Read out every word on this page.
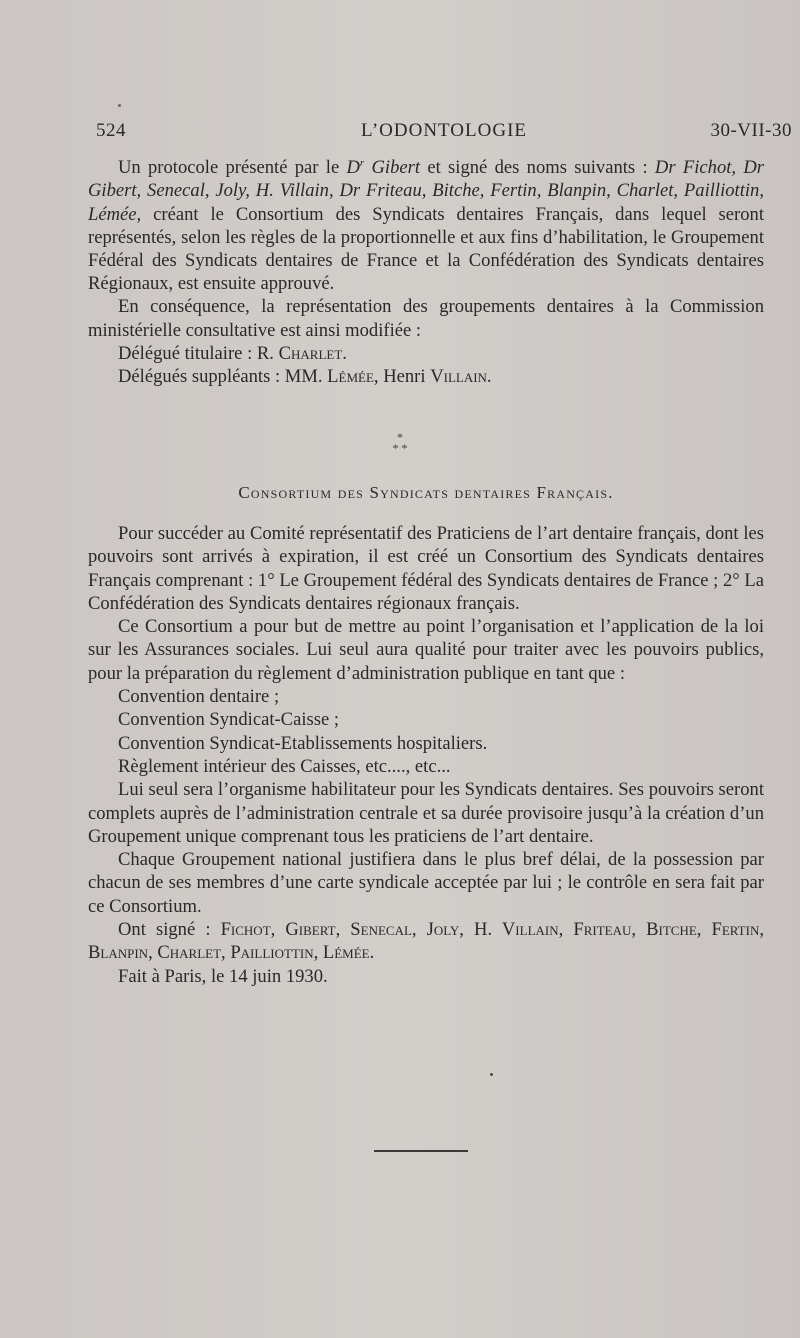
524	L’ODONTOLOGIE	30-VII-30

Un protocole présenté par le $D^r$ Gibert et signé des noms suivants : Dr Fichot, Dr Gibert, Senecal, Joly, H. Villain, Dr Friteau, Bitche, Fertin, Blanpin, Charlet, Pailliottin, Lémée, créant le Consortium des Syndicats dentaires Français, dans lequel seront représentés, selon les règles de la proportionnelle et aux fins d’habilitation, le Groupement Fédéral des Syndicats dentaires de France et la Confédération des Syndicats dentaires Régionaux, est ensuite approuvé.

En conséquence, la représentation des groupements dentaires à la Commission ministérielle consultative est ainsi modifiée :

Délégué titulaire : R. Charlet.

Délégués suppléants : MM. Lémée, Henri Villain.

*
* *
Consortium des Syndicats dentaires Français.

Pour succéder au Comité représentatif des Praticiens de l’art dentaire français, dont les pouvoirs sont arrivés à expiration, il est créé un Consortium des Syndicats dentaires Français comprenant : 1° Le Groupement fédéral des Syndicats dentaires de France ; 2° La Confédération des Syndicats dentaires régionaux français.

Ce Consortium a pour but de mettre au point l’organisation et l’application de la loi sur les Assurances sociales. Lui seul aura qualité pour traiter avec les pouvoirs publics, pour la préparation du règlement d’administration publique en tant que :

Convention dentaire ;

Convention Syndicat-Caisse ;

Convention Syndicat-Etablissements hospitaliers.

Règlement intérieur des Caisses, etc...., etc...

Lui seul sera l’organisme habilitateur pour les Syndicats dentaires. Ses pouvoirs seront complets auprès de l’administration centrale et sa durée provisoire jusqu’à la création d’un Groupement unique comprenant tous les praticiens de l’art dentaire.

Chaque Groupement national justifiera dans le plus bref délai, de la possession par chacun de ses membres d’une carte syndicale acceptée par lui ; le contrôle en sera fait par ce Consortium.

Ont signé : Fichot, Gibert, Senecal, Joly, H. Villain, Friteau, Bitche, Fertin, Blanpin, Charlet, Pailliottin, Lémée.

Fait à Paris, le 14 juin 1930.
